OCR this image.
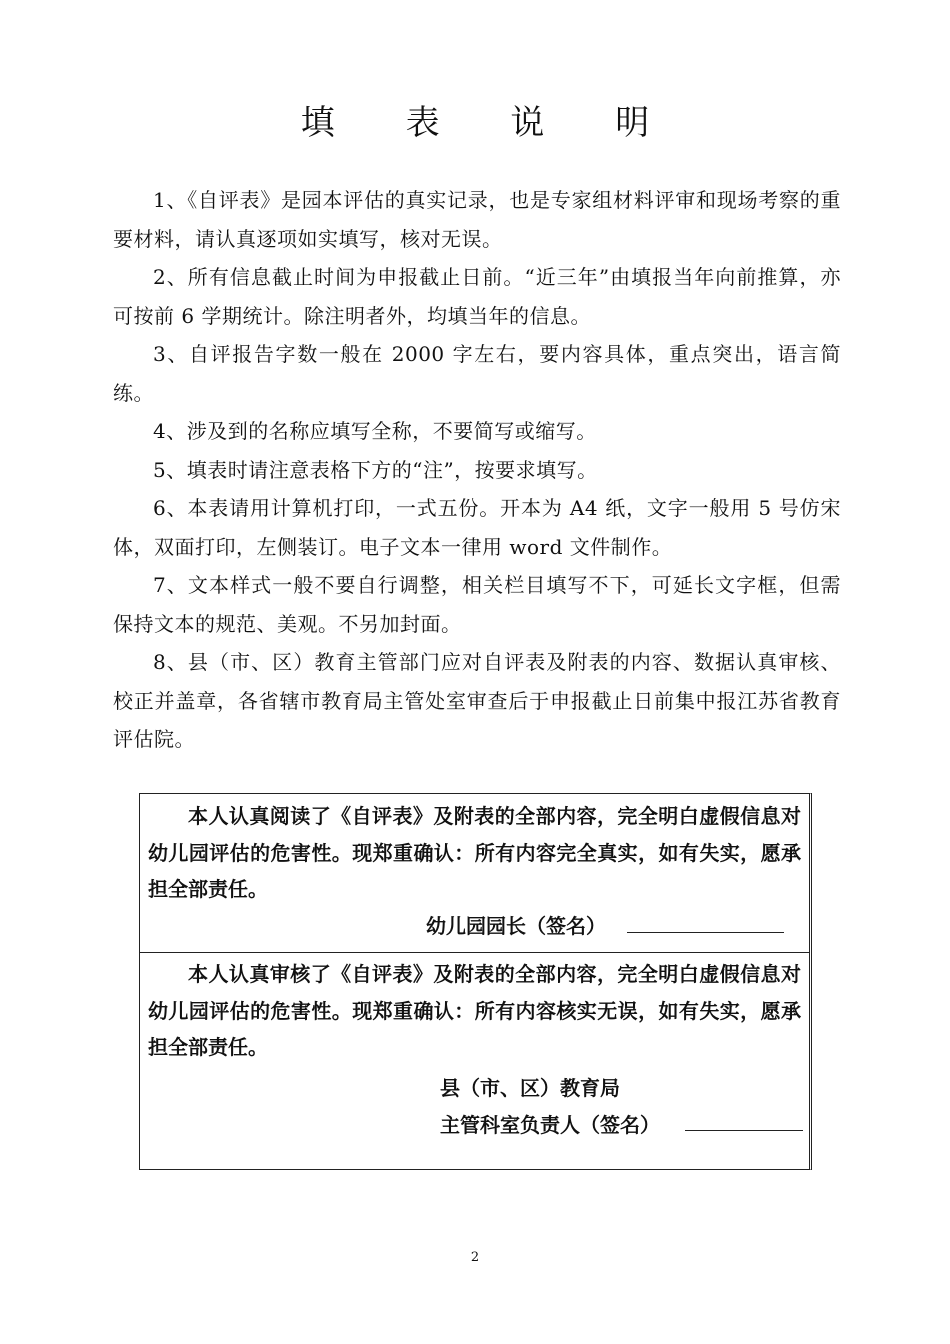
填 表 说 明

1、《自评表》是园本评估的真实记录，也是专家组材料评审和现场考察的重要材料，请认真逐项如实填写，核对无误。

2、所有信息截止时间为申报截止日前。“近三年”由填报当年向前推算，亦可按前 6 学期统计。除注明者外，均填当年的信息。

3、自评报告字数一般在 2000 字左右，要内容具体，重点突出，语言简练。

4、涉及到的名称应填写全称，不要简写或缩写。

5、填表时请注意表格下方的“注”，按要求填写。

6、本表请用计算机打印，一式五份。开本为 A4 纸，文字一般用 5 号仿宋体，双面打印，左侧装订。电子文本一律用 word 文件制作。

7、文本样式一般不要自行调整，相关栏目填写不下，可延长文字框，但需保持文本的规范、美观。不另加封面。

8、县（市、区）教育主管部门应对自评表及附表的内容、数据认真审核、校正并盖章，各省辖市教育局主管处室审查后于申报截止日前集中报江苏省教育评估院。

本人认真阅读了《自评表》及附表的全部内容，完全明白虚假信息对幼儿园评估的危害性。现郑重确认：所有内容完全真实，如有失实，愿承担全部责任。

幼儿园园长（签名）

本人认真审核了《自评表》及附表的全部内容，完全明白虚假信息对幼儿园评估的危害性。现郑重确认：所有内容核实无误，如有失实，愿承担全部责任。

县（市、区）教育局
主管科室负责人（签名）
2
